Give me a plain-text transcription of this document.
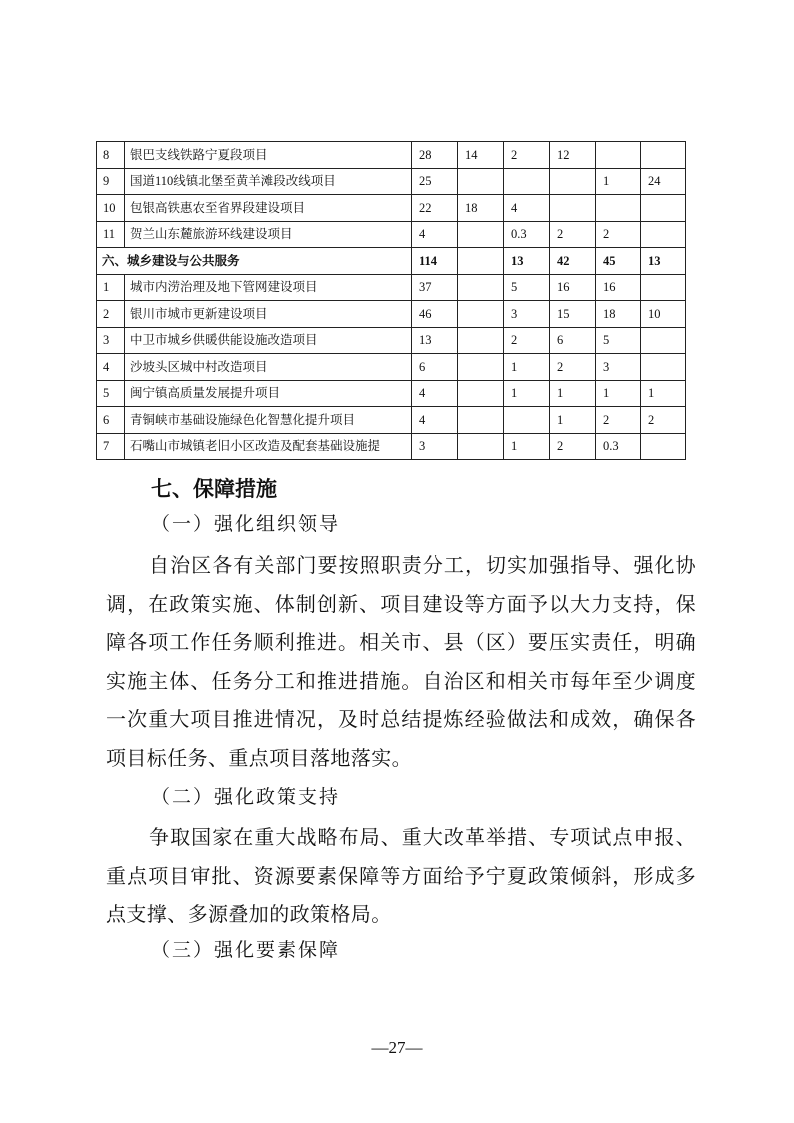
8	银巴支线铁路宁夏段项目	28	14	2	12		
9	国道110线镇北堡至黄羊滩段改线项目	25				1	24
10	包银高铁惠农至省界段建设项目	22	18	4			
11	贺兰山东麓旅游环线建设项目	4		0.3	2	2	
六、城乡建设与公共服务		114		13	42	45	13
1	城市内涝治理及地下管网建设项目	37		5	16	16	
2	银川市城市更新建设项目	46		3	15	18	10
3	中卫市城乡供暖供能设施改造项目	13		2	6	5	
4	沙坡头区城中村改造项目	6		1	2	3	
5	闽宁镇高质量发展提升项目	4		1	1	1	1
6	青铜峡市基础设施绿色化智慧化提升项目	4			1	2	2
7	石嘴山市城镇老旧小区改造及配套基础设施提	3		1	2	0.3	
七、保障措施

（一）强化组织领导

自治区各有关部门要按照职责分工，切实加强指导、强化协调，在政策实施、体制创新、项目建设等方面予以大力支持，保障各项工作任务顺利推进。相关市、县（区）要压实责任，明确实施主体、任务分工和推进措施。自治区和相关市每年至少调度一次重大项目推进情况，及时总结提炼经验做法和成效，确保各项目标任务、重点项目落地落实。

（二）强化政策支持

争取国家在重大战略布局、重大改革举措、专项试点申报、重点项目审批、资源要素保障等方面给予宁夏政策倾斜，形成多点支撑、多源叠加的政策格局。

（三）强化要素保障

—27—
